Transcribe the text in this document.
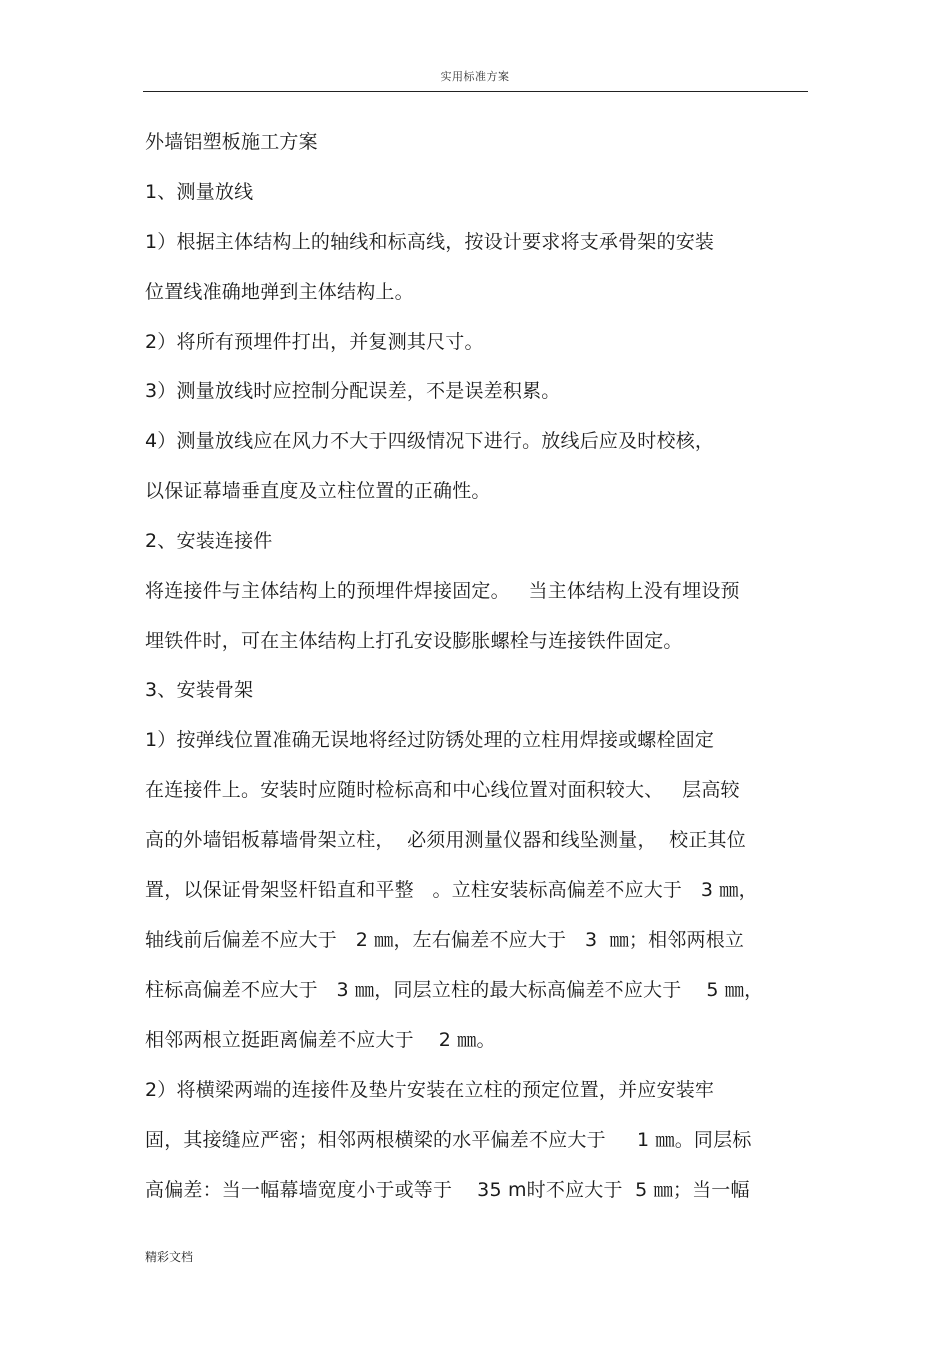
实用标准方案
外墙铝塑板施工方案
1、测量放线
1）根据主体结构上的轴线和标高线，按设计要求将支承骨架的安装
位置线准确地弹到主体结构上。
2）将所有预埋件打出，并复测其尺寸。
3）测量放线时应控制分配误差，不是误差积累。
4）测量放线应在风力不大于四级情况下进行。放线后应及时校核，
以保证幕墙垂直度及立柱位置的正确性。
2、安装连接件
将连接件与主体结构上的预埋件焊接固定。   当主体结构上没有埋设预
埋铁件时，可在主体结构上打孔安设膨胀螺栓与连接铁件固定。
3、安装骨架
1）按弹线位置准确无误地将经过防锈处理的立柱用焊接或螺栓固定
在连接件上。安装时应随时检标高和中心线位置对面积较大、   层高较
高的外墙铝板幕墙骨架立柱，  必须用测量仪器和线坠测量，  校正其位
置，以保证骨架竖杆铅直和平整   。立柱安装标高偏差不应大于   3 ㎜，
轴线前后偏差不应大于   2 ㎜，左右偏差不应大于   3  ㎜；相邻两根立
柱标高偏差不应大于   3 ㎜，同层立柱的最大标高偏差不应大于    5 ㎜，
相邻两根立挺距离偏差不应大于    2 ㎜。
2）将横梁两端的连接件及垫片安装在立柱的预定位置，并应安装牢
固，其接缝应严密；相邻两根横梁的水平偏差不应大于     1 ㎜。同层标
高偏差：当一幅幕墙宽度小于或等于    35 m时不应大于  5 ㎜；当一幅
精彩文档
